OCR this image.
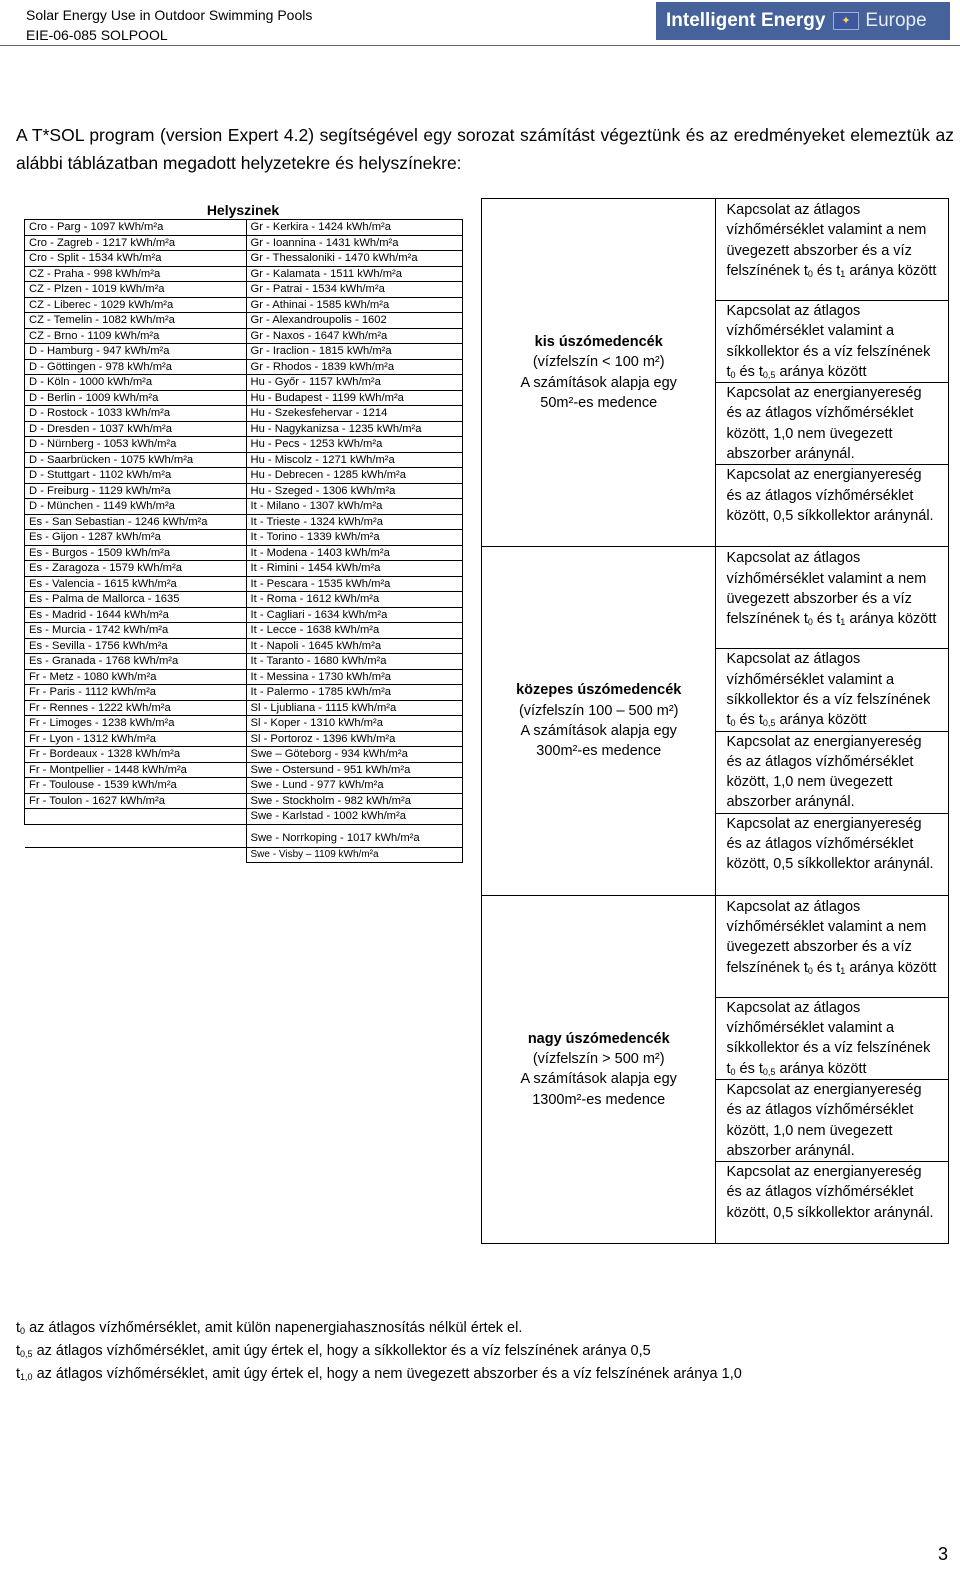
Solar Energy Use in Outdoor Swimming Pools
EIE-06-085 SOLPOOL
Intelligent Energy ✦ Europe

A T*SOL program (version Expert 4.2) segítségével egy sorozat számítást végeztünk és az eredményeket elemeztük az alábbi táblázatban megadott helyzetekre és helyszínekre:

Helyszinek
Cro - Parg - 1097 kWh/m²a	Gr - Kerkira - 1424 kWh/m²a
Cro - Zagreb - 1217 kWh/m²a	Gr - Ioannina - 1431 kWh/m²a
Cro - Split - 1534 kWh/m²a	Gr - Thessaloniki - 1470 kWh/m²a
CZ - Praha - 998 kWh/m²a	Gr - Kalamata - 1511 kWh/m²a
CZ - Plzen - 1019 kWh/m²a	Gr - Patrai - 1534 kWh/m²a
CZ - Liberec - 1029 kWh/m²a	Gr - Athinai - 1585 kWh/m²a
CZ - Temelin - 1082 kWh/m²a	Gr - Alexandroupolis - 1602
CZ - Brno - 1109 kWh/m²a	Gr - Naxos - 1647 kWh/m²a
D - Hamburg - 947 kWh/m²a	Gr - Iraclion - 1815 kWh/m²a
D - Göttingen - 978 kWh/m²a	Gr - Rhodos - 1839 kWh/m²a
D - Köln - 1000 kWh/m²a	Hu - Győr - 1157 kWh/m²a
D - Berlin - 1009 kWh/m²a	Hu - Budapest - 1199 kWh/m²a
D - Rostock - 1033 kWh/m²a	Hu - Szekesfehervar - 1214
D - Dresden - 1037 kWh/m²a	Hu - Nagykanizsa - 1235 kWh/m²a
D - Nürnberg - 1053 kWh/m²a	Hu - Pecs - 1253 kWh/m²a
D - Saarbrücken - 1075 kWh/m²a	Hu - Miscolz - 1271 kWh/m²a
D - Stuttgart - 1102 kWh/m²a	Hu - Debrecen - 1285 kWh/m²a
D - Freiburg - 1129 kWh/m²a	Hu - Szeged - 1306 kWh/m²a
D - München - 1149 kWh/m²a	It - Milano - 1307 kWh/m²a
Es - San Sebastian - 1246 kWh/m²a	It - Trieste - 1324 kWh/m²a
Es - Gijon - 1287 kWh/m²a	It - Torino - 1339 kWh/m²a
Es - Burgos - 1509 kWh/m²a	It - Modena - 1403 kWh/m²a
Es - Zaragoza - 1579 kWh/m²a	It - Rimini - 1454 kWh/m²a
Es - Valencia - 1615 kWh/m²a	It - Pescara - 1535 kWh/m²a
Es - Palma de Mallorca - 1635	It - Roma - 1612 kWh/m²a
Es - Madrid - 1644 kWh/m²a	It - Cagliari - 1634 kWh/m²a
Es - Murcia - 1742 kWh/m²a	It - Lecce - 1638 kWh/m²a
Es - Sevilla - 1756 kWh/m²a	It - Napoli - 1645 kWh/m²a
Es - Granada - 1768 kWh/m²a	It - Taranto - 1680 kWh/m²a
Fr - Metz - 1080 kWh/m²a	It - Messina - 1730 kWh/m²a
Fr - Paris - 1112 kWh/m²a	It - Palermo - 1785 kWh/m²a
Fr - Rennes - 1222 kWh/m²a	Sl - Ljubliana - 1115 kWh/m²a
Fr - Limoges - 1238 kWh/m²a	Sl - Koper - 1310 kWh/m²a
Fr - Lyon - 1312 kWh/m²a	Sl - Portoroz - 1396 kWh/m²a
Fr - Bordeaux - 1328 kWh/m²a	Swe – Göteborg - 934 kWh/m²a
Fr - Montpellier - 1448 kWh/m²a	Swe - Ostersund - 951 kWh/m²a
Fr - Toulouse - 1539 kWh/m²a	Swe - Lund - 977 kWh/m²a
Fr - Toulon - 1627 kWh/m²a	Swe - Stockholm - 982 kWh/m²a
	Swe - Karlstad - 1002 kWh/m²a
	Swe - Norrkoping - 1017 kWh/m²a
	Swe - Visby – 1109 kWh/m²a
kis úszómedencék
(vízfelszín < 100 m²)
A számítások alapja egy
50m²-es medence	Kapcsolat az átlagos vízhőmérséklet valamint a nem üvegezett abszorber és a víz felszínének $t_0$ és $t_1$ aránya között
	Kapcsolat az átlagos vízhőmérséklet valamint a síkkollektor és a víz felszínének $t_0$ és $t_{0,5}$ aránya között
	Kapcsolat az energianyereség és az átlagos vízhőmérséklet között, 1,0 nem üvegezett abszorber aránynál.
	Kapcsolat az energianyereség és az átlagos vízhőmérséklet között, 0,5 síkkollektor aránynál.

közepes úszómedencék
(vízfelszín 100 – 500 m²)
A számítások alapja egy
300m²-es medence	Kapcsolat az átlagos vízhőmérséklet valamint a nem üvegezett abszorber és a víz felszínének $t_0$ és $t_1$ aránya között
	Kapcsolat az átlagos vízhőmérséklet valamint a síkkollektor és a víz felszínének $t_0$ és $t_{0,5}$ aránya között
	Kapcsolat az energianyereség és az átlagos vízhőmérséklet között, 1,0 nem üvegezett abszorber aránynál.
	Kapcsolat az energianyereség és az átlagos vízhőmérséklet között, 0,5 síkkollektor aránynál.

nagy úszómedencék
(vízfelszín > 500 m²)
A számítások alapja egy
1300m²-es medence	Kapcsolat az átlagos vízhőmérséklet valamint a nem üvegezett abszorber és a víz felszínének $t_0$ és $t_1$ aránya között
	Kapcsolat az átlagos vízhőmérséklet valamint a síkkollektor és a víz felszínének $t_0$ és $t_{0,5}$ aránya között
	Kapcsolat az energianyereség és az átlagos vízhőmérséklet között, 1,0 nem üvegezett abszorber aránynál.
	Kapcsolat az energianyereség és az átlagos vízhőmérséklet között, 0,5 síkkollektor aránynál.
$t_0$ az átlagos vízhőmérséklet, amit külön napenergiahasznosítás nélkül értek el.
$t_{0,5}$ az átlagos vízhőmérséklet, amit úgy értek el, hogy a síkkollektor és a víz felszínének aránya 0,5
$t_{1,0}$ az átlagos vízhőmérséklet, amit úgy értek el, hogy a nem üvegezett abszorber és a víz felszínének aránya 1,0
3
